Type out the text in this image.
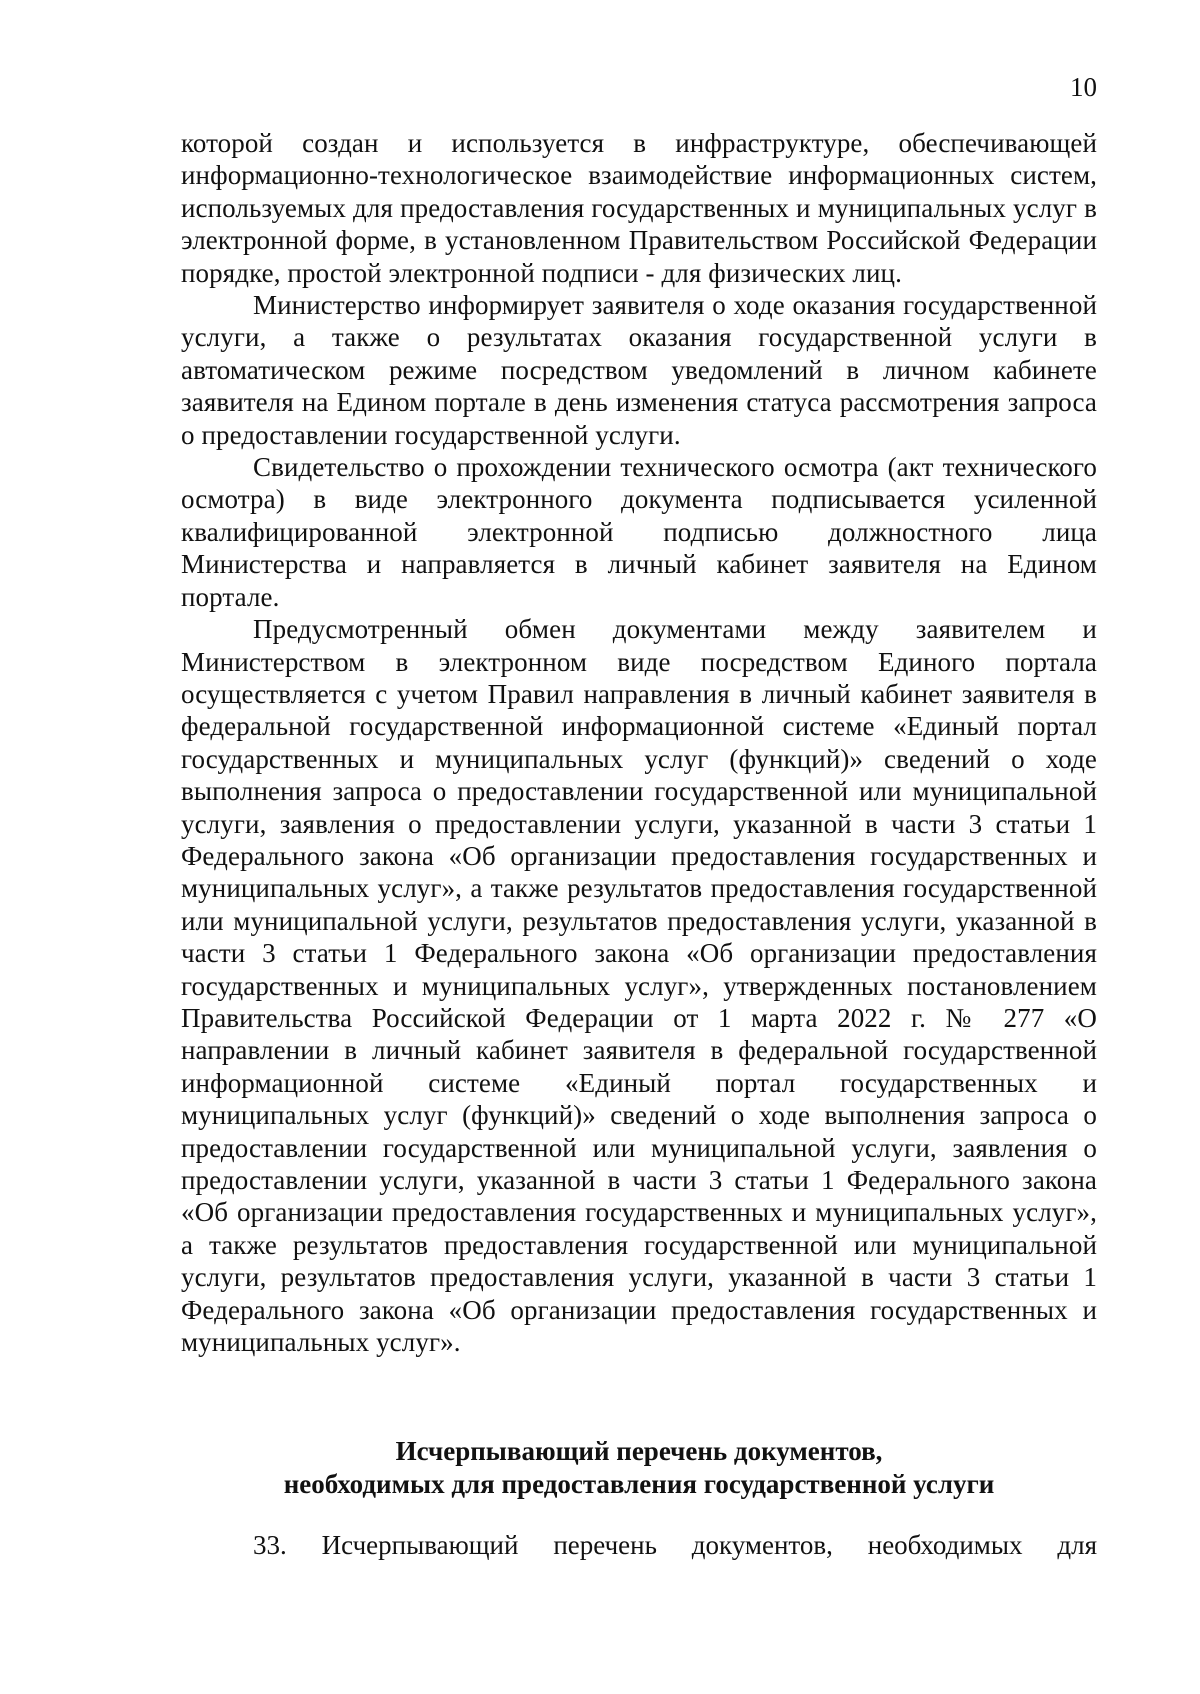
10

которой создан и используется в инфраструктуре, обеспечивающей информационно-технологическое взаимодействие информационных систем, используемых для предоставления государственных и муниципальных услуг в электронной форме, в установленном Правительством Российской Федерации порядке, простой электронной подписи - для физических лиц.

Министерство информирует заявителя о ходе оказания государственной услуги, а также о результатах оказания государственной услуги в автоматическом режиме посредством уведомлений в личном кабинете заявителя на Едином портале в день изменения статуса рассмотрения запроса о предоставлении государственной услуги.

Свидетельство о прохождении технического осмотра (акт технического осмотра) в виде электронного документа подписывается усиленной квалифицированной электронной подписью должностного лица Министерства и направляется в личный кабинет заявителя на Едином портале.

Предусмотренный обмен документами между заявителем и Министерством в электронном виде посредством Единого портала осуществляется с учетом Правил направления в личный кабинет заявителя в федеральной государственной информационной системе «Единый портал государственных и муниципальных услуг (функций)» сведений о ходе выполнения запроса о предоставлении государственной или муниципальной услуги, заявления о предоставлении услуги, указанной в части 3 статьи 1 Федерального закона «Об организации предоставления государственных и муниципальных услуг», а также результатов предоставления государственной или муниципальной услуги, результатов предоставления услуги, указанной в части 3 статьи 1 Федерального закона «Об организации предоставления государственных и муниципальных услуг», утвержденных постановлением Правительства Российской Федерации от 1 марта 2022 г. № 277 «О направлении в личный кабинет заявителя в федеральной государственной информационной системе «Единый портал государственных и муниципальных услуг (функций)» сведений о ходе выполнения запроса о предоставлении государственной или муниципальной услуги, заявления о предоставлении услуги, указанной в части 3 статьи 1 Федерального закона «Об организации предоставления государственных и муниципальных услуг», а также результатов предоставления государственной или муниципальной услуги, результатов предоставления услуги, указанной в части 3 статьи 1 Федерального закона «Об организации предоставления государственных и муниципальных услуг».

Исчерпывающий перечень документов,
необходимых для предоставления государственной услуги
33. Исчерпывающий перечень документов, необходимых для
